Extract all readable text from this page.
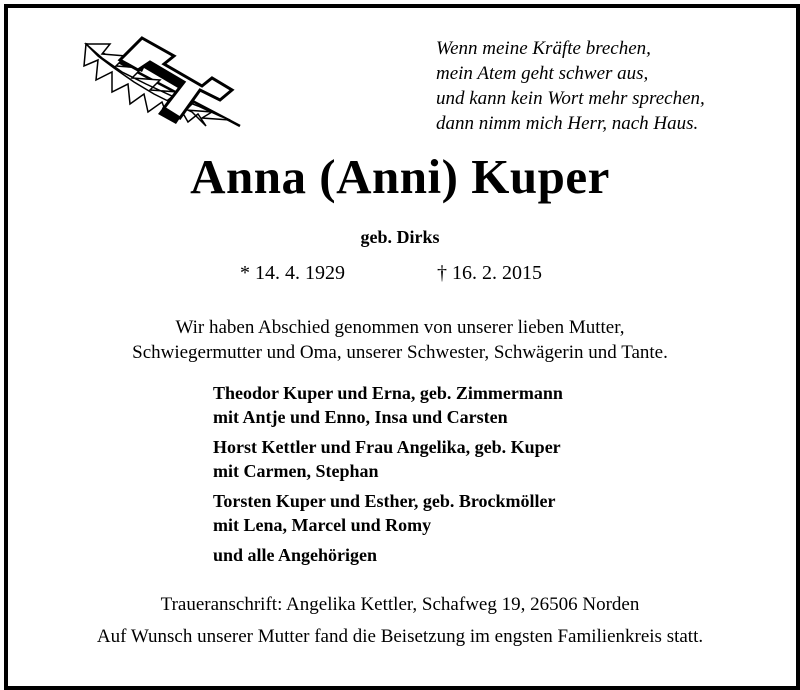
Wenn meine Kräfte brechen,
mein Atem geht schwer aus,
und kann kein Wort mehr sprechen,
dann nimm mich Herr, nach Haus.
Anna (Anni) Kuper
geb. Dirks
* 14. 4. 1929	† 16. 2. 2015
Wir haben Abschied genommen von unserer lieben Mutter,
Schwiegermutter und Oma, unserer Schwester, Schwägerin und Tante.
Theodor Kuper und Erna, geb. Zimmermann
mit Antje und Enno, Insa und Carsten
Horst Kettler und Frau Angelika, geb. Kuper
mit Carmen, Stephan
Torsten Kuper und Esther, geb. Brockmöller
mit Lena, Marcel und Romy
und alle Angehörigen
Traueranschrift: Angelika Kettler, Schafweg 19, 26506 Norden
Auf Wunsch unserer Mutter fand die Beisetzung im engsten Familienkreis statt.
